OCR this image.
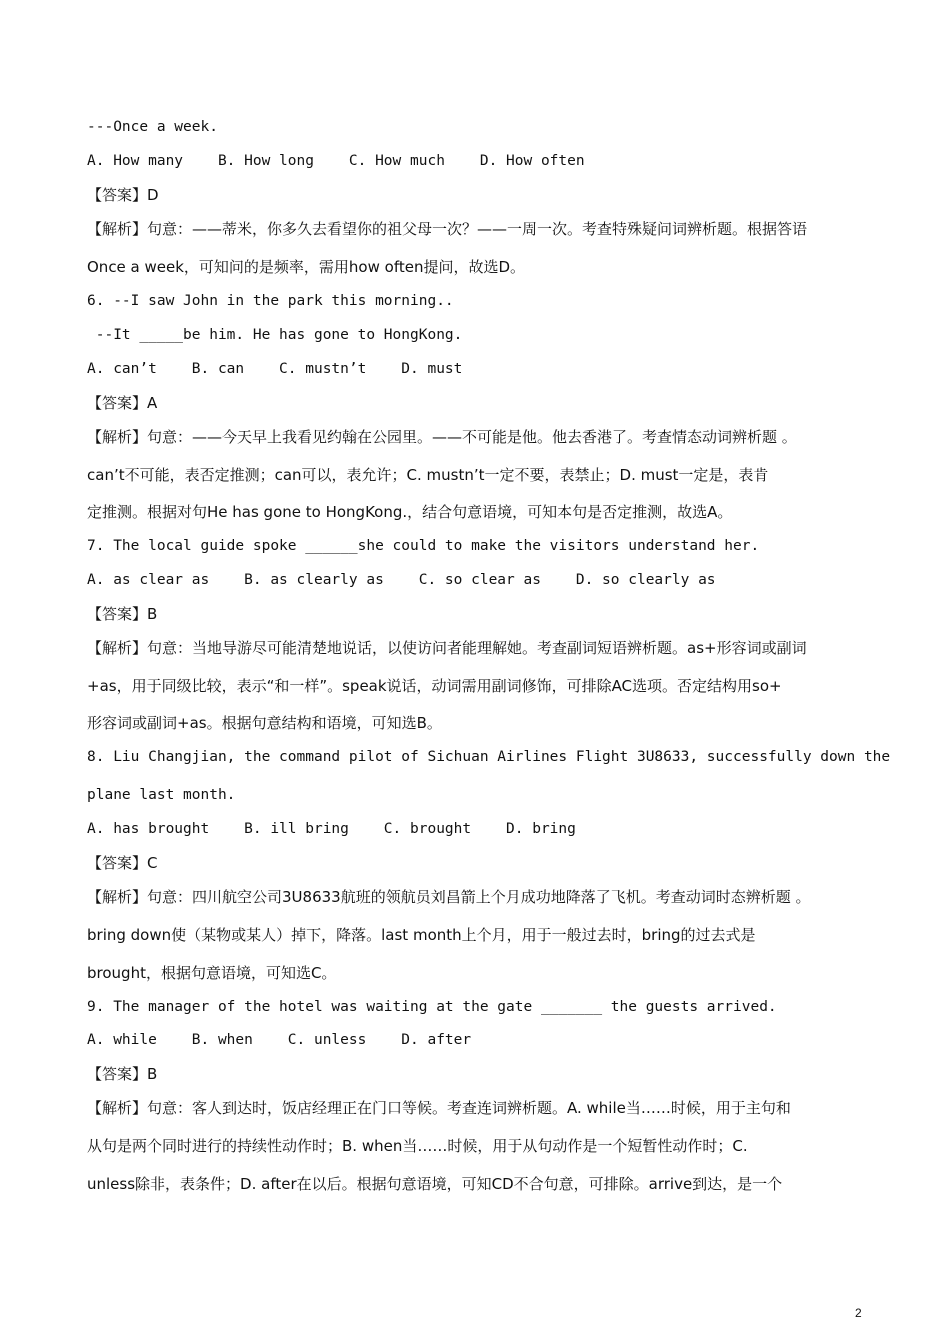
---Once a week.
A. How many    B. How long    C. How much    D. How often
【答案】D
【解析】句意：——蒂米，你多久去看望你的祖父母一次？——一周一次。考查特殊疑问词辨析题。根据答语
Once a week，可知问的是频率，需用how often提问，故选D。
6. --I saw John in the park this morning..
--It _____be him. He has gone to HongKong.
A. can’t    B. can    C. mustn’t    D. must
【答案】A
【解析】句意：——今天早上我看见约翰在公园里。——不可能是他。他去香港了。考查情态动词辨析题 。
can’t不可能，表否定推测；can可以，表允许；C. mustn’t一定不要，表禁止；D. must一定是，表肯
定推测。根据对句He has gone to HongKong.，结合句意语境，可知本句是否定推测，故选A。
7. The local guide spoke ______she could to make the visitors understand her.
A. as clear as    B. as clearly as    C. so clear as    D. so clearly as
【答案】B
【解析】句意：当地导游尽可能清楚地说话，以使访问者能理解她。考查副词短语辨析题。as+形容词或副词
+as，用于同级比较，表示“和一样”。speak说话，动词需用副词修饰，可排除AC选项。否定结构用so+
形容词或副词+as。根据句意结构和语境，可知选B。
8. Liu Changjian, the command pilot of Sichuan Airlines Flight 3U8633, successfully down the
plane last month.
A. has brought    B. ill bring    C. brought    D. bring
【答案】C
【解析】句意：四川航空公司3U8633航班的领航员刘昌箭上个月成功地降落了飞机。考查动词时态辨析题 。
bring down使（某物或某人）掉下，降落。last month上个月，用于一般过去时，bring的过去式是
brought，根据句意语境，可知选C。
9. The manager of the hotel was waiting at the gate _______ the guests arrived.
A. while    B. when    C. unless    D. after
【答案】B
【解析】句意：客人到达时，饭店经理正在门口等候。考查连词辨析题。A. while当……时候，用于主句和
从句是两个同时进行的持续性动作时；B. when当……时候，用于从句动作是一个短暂性动作时；C.
unless除非，表条件；D. after在以后。根据句意语境，可知CD不合句意，可排除。arrive到达，是一个
2
